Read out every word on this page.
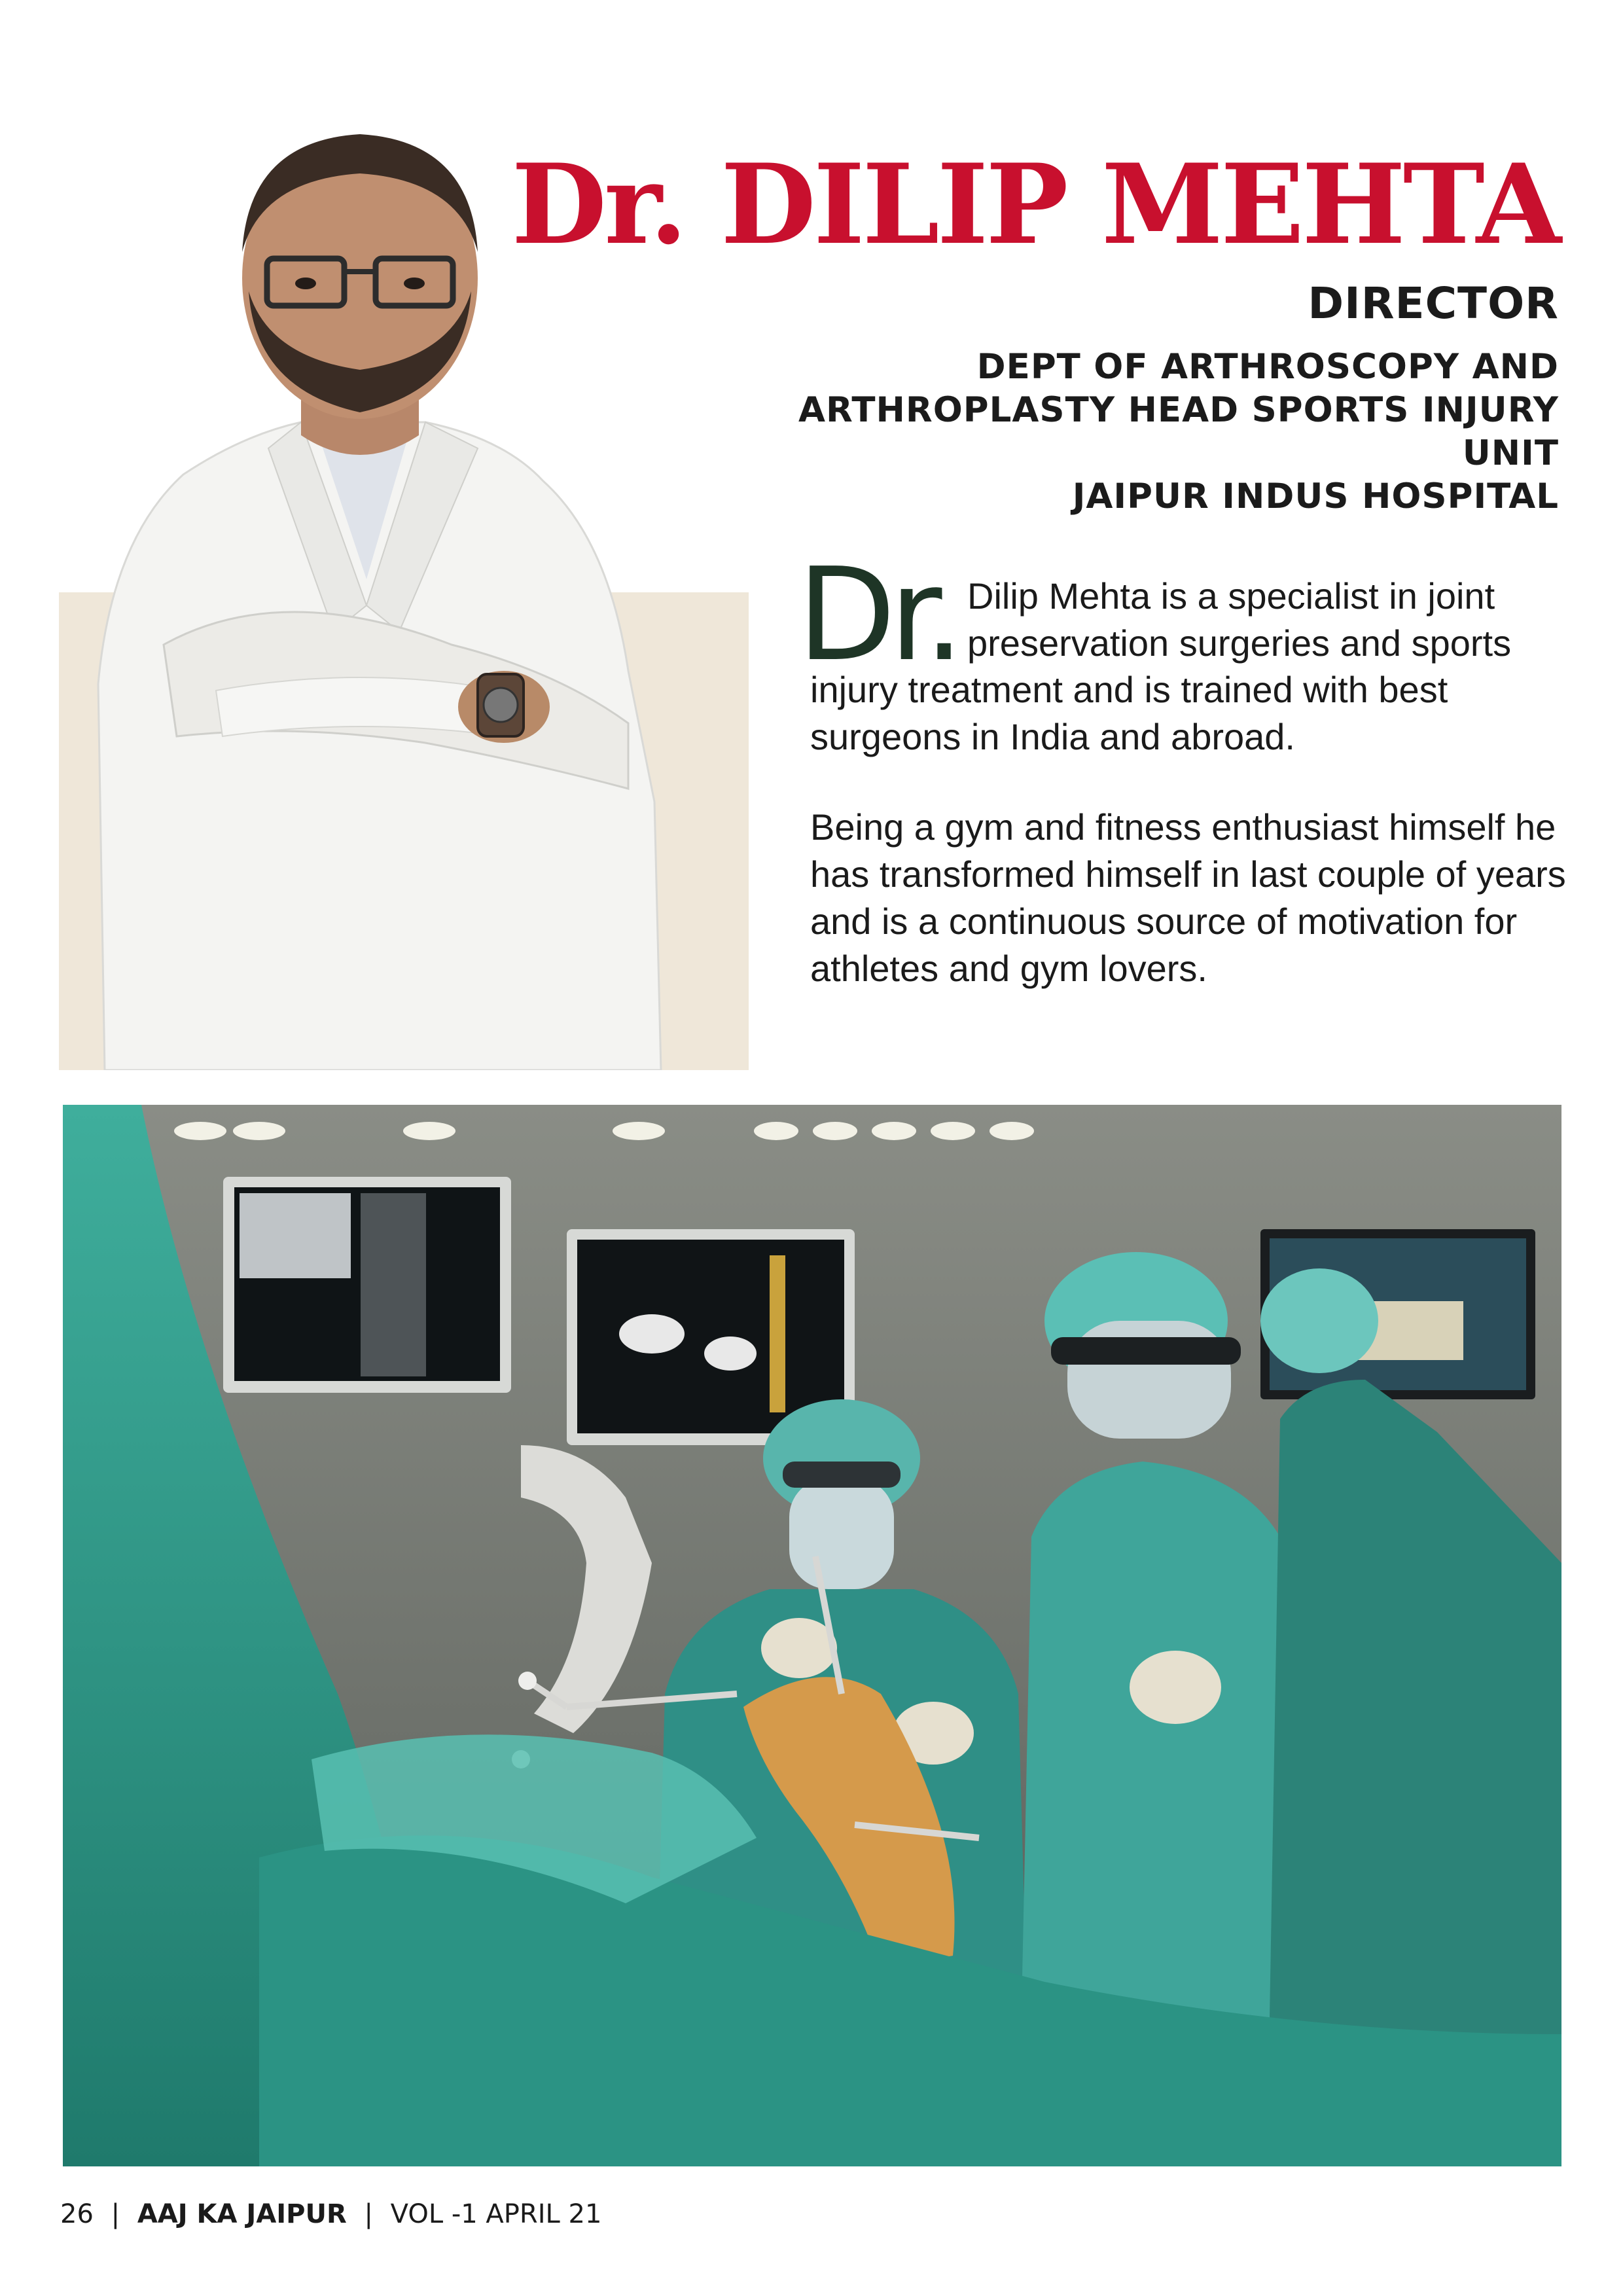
Dr. DILIP MEHTA
DIRECTOR
DEPT OF ARTHROSCOPY AND
ARTHROPLASTY HEAD SPORTS INJURY UNIT
JAIPUR INDUS HOSPITAL
Dr. Dilip Mehta is a specialist in joint
preservation surgeries and sports
injury treatment and is trained with best
surgeons in India and abroad.
Being a gym and fitness enthusiast himself he
has transformed himself in last couple of years
and is a continuous source of motivation for
athletes and gym lovers.
26 | AAJ KA JAIPUR | VOL -1 APRIL 21
